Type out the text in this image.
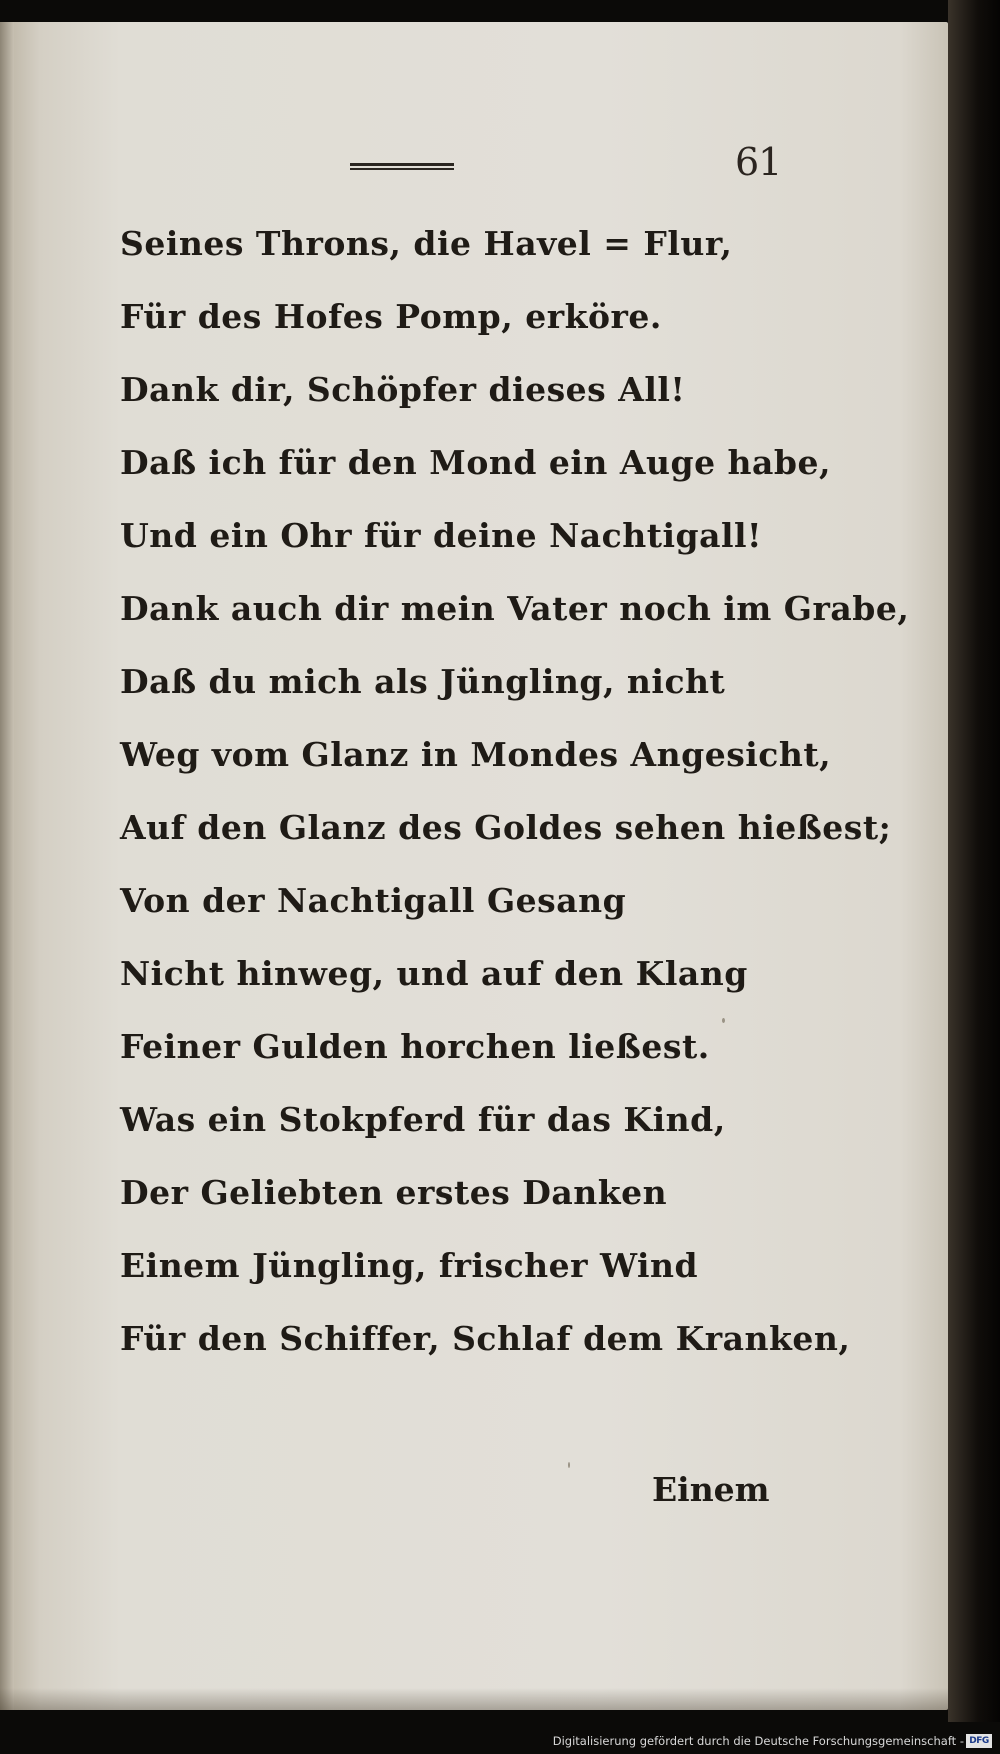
61
Seines Throns, die Havel = Flur,
Für des Hofes Pomp, erköre.
Dank dir, Schöpfer dieses All!
Daß ich für den Mond ein Auge habe,
Und ein Ohr für deine Nachtigall!
Dank auch dir mein Vater noch im Grabe,
Daß du mich als Jüngling, nicht
Weg vom Glanz in Mondes Angesicht,
Auf den Glanz des Goldes sehen hießest;
Von der Nachtigall Gesang
Nicht hinweg, und auf den Klang
Feiner Gulden horchen ließest.
Was ein Stokpferd für das Kind,
Der Geliebten erstes Danken
Einem Jüngling, frischer Wind
Für den Schiffer, Schlaf dem Kranken,
Einem
Digitalisierung gefördert durch die Deutsche Forschungsgemeinschaft - DFG
